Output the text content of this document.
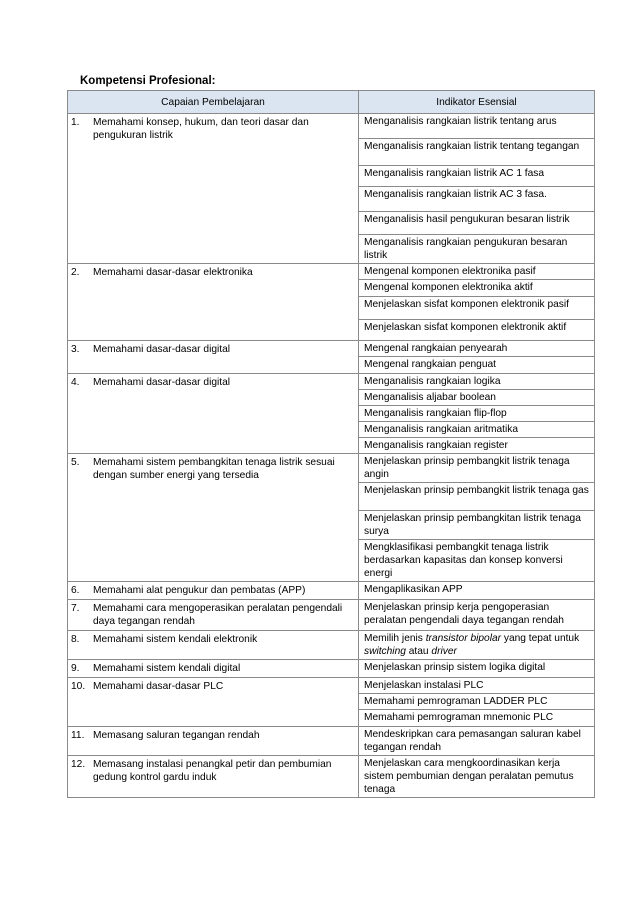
Kompetensi Profesional:
Capaian Pembelajaran	Indikator Esensial

1. Memahami konsep, hukum, dan teori dasar dan pengukuran listrik	Menganalisis rangkaian listrik tentang arus
	Menganalisis rangkaian listrik tentang tegangan
	Menganalisis rangkaian listrik AC 1 fasa
	Menganalisis rangkaian listrik AC 3 fasa.
	Menganalisis hasil pengukuran besaran listrik
	Menganalisis rangkaian pengukuran besaran listrik

2. Memahami dasar-dasar elektronika	Mengenal komponen elektronika pasif
	Mengenal komponen elektronika aktif
	Menjelaskan sisfat komponen elektronik pasif
	Menjelaskan sisfat komponen elektronik aktif

3. Memahami dasar-dasar digital	Mengenal rangkaian penyearah
	Mengenal rangkaian penguat

4. Memahami dasar-dasar digital	Menganalisis rangkaian logika
	Menganalisis aljabar boolean
	Menganalisis rangkaian flip-flop
	Menganalisis rangkaian aritmatika
	Menganalisis rangkaian register

5. Memahami sistem pembangkitan tenaga listrik sesuai dengan sumber energi yang tersedia	Menjelaskan prinsip pembangkit listrik tenaga angin
	Menjelaskan prinsip pembangkit listrik tenaga gas
	Menjelaskan prinsip pembangkitan listrik tenaga surya
	Mengklasifikasi pembangkit tenaga listrik berdasarkan kapasitas dan konsep konversi energi

6. Memahami alat pengukur dan pembatas (APP)	Mengaplikasikan APP

7. Memahami cara mengoperasikan peralatan pengendali daya tegangan rendah	Menjelaskan prinsip kerja pengoperasian peralatan pengendali daya tegangan rendah

8. Memahami sistem kendali elektronik	Memilih jenis transistor bipolar yang tepat untuk switching atau driver

9. Memahami sistem kendali digital	Menjelaskan prinsip sistem logika digital

10. Memahami dasar-dasar PLC	Menjelaskan instalasi PLC
	Memahami pemrograman LADDER PLC
	Memahami pemrograman mnemonic PLC

11. Memasang saluran tegangan rendah	Mendeskripkan cara pemasangan saluran kabel tegangan rendah

12. Memasang instalasi penangkal petir dan pembumian gedung kontrol gardu induk	Menjelaskan cara mengkoordinasikan kerja sistem pembumian dengan peralatan pemutus tenaga
